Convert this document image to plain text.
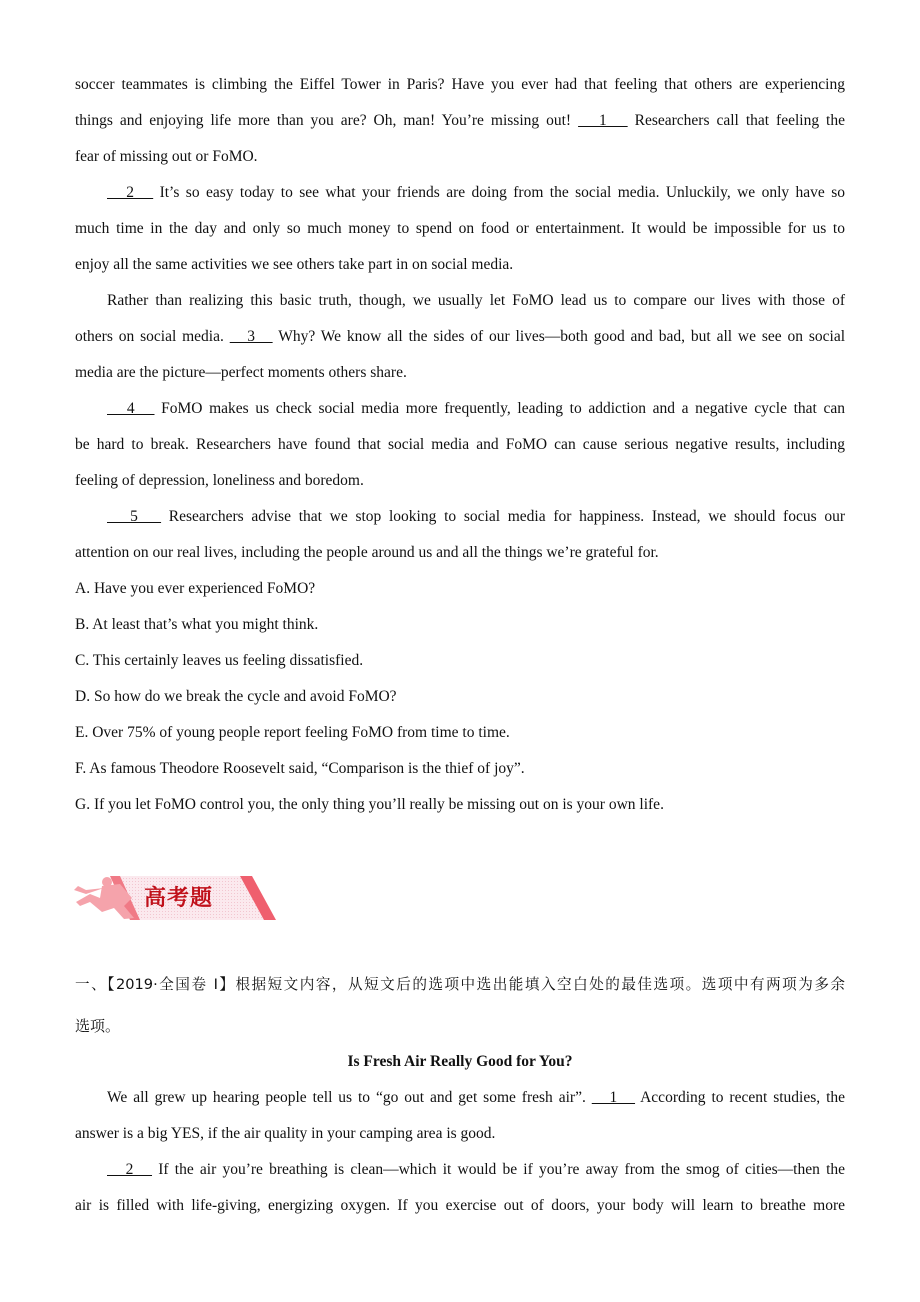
soccer teammates is climbing the Eiffel Tower in Paris? Have you ever had that feeling that others are experiencing
things and enjoying life more than you are? Oh, man! You’re missing out!    1    Researchers call that feeling the
fear of missing out or FoMO.
2    It’s so easy today to see what your friends are doing from the social media. Unluckily, we only have so
much time in the day and only so much money to spend on food or entertainment. It would be impossible for us to
enjoy all the same activities we see others take part in on social media.
Rather than realizing this basic truth, though, we usually let FoMO lead us to compare our lives with those of
others on social media.    3    Why? We know all the sides of our lives—both good and bad, but all we see on social
media are the picture—perfect moments others share.
4    FoMO makes us check social media more frequently, leading to addiction and a negative cycle that can
be hard to break. Researchers have found that social media and FoMO can cause serious negative results, including
feeling of depression, loneliness and boredom.
5    Researchers advise that we stop looking to social media for happiness. Instead, we should focus our
attention on our real lives, including the people around us and all the things we’re grateful for.
A. Have you ever experienced FoMO?
B. At least that’s what you might think.
C. This certainly leaves us feeling dissatisfied.
D. So how do we break the cycle and avoid FoMO?
E. Over 75% of young people report feeling FoMO from time to time.
F. As famous Theodore Roosevelt said, “Comparison is the thief of joy”.
G. If you let FoMO control you, the only thing you’ll really be missing out on is your own life.
高考题
一、【2019·全国卷 I】根据短文内容，从短文后的选项中选出能填入空白处的最佳选项。选项中有两项为多余
选项。
Is Fresh Air Really Good for You?
We all grew up hearing people tell us to “go out and get some fresh air”.    1    According to recent studies, the
answer is a big YES, if the air quality in your camping area is good.
2    If the air you’re breathing is clean—which it would be if you’re away from the smog of cities—then the
air is filled with life-giving, energizing oxygen. If you exercise out of doors, your body will learn to breathe more
